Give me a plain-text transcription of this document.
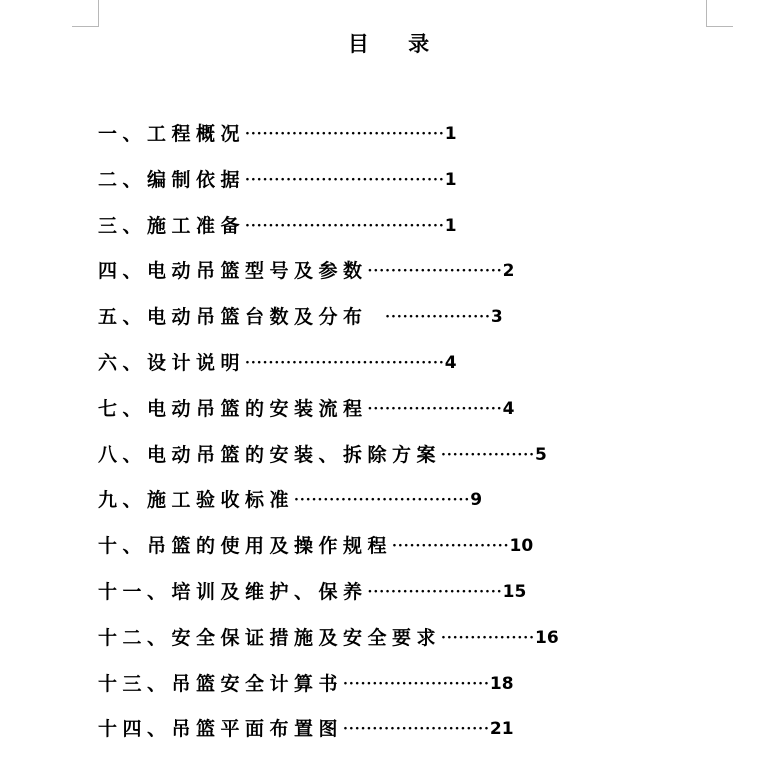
目 录
一、工程概况 ·································· 1
二、编制依据 ·································· 1
三、施工准备 ·································· 1
四、电动吊篮型号及参数 ······················· 2
五、电动吊篮台数及分布 ·················· 3
六、设计说明 ·································· 4
七、电动吊篮的安装流程 ······················· 4
八、电动吊篮的安装、拆除方案 ················ 5
九、施工验收标准 ······························ 9
十、吊篮的使用及操作规程 ···················· 10
十一、培训及维护、保养 ······················· 15
十二、安全保证措施及安全要求 ················ 16
十三、吊篮安全计算书 ························· 18
十四、吊篮平面布置图 ························· 21
